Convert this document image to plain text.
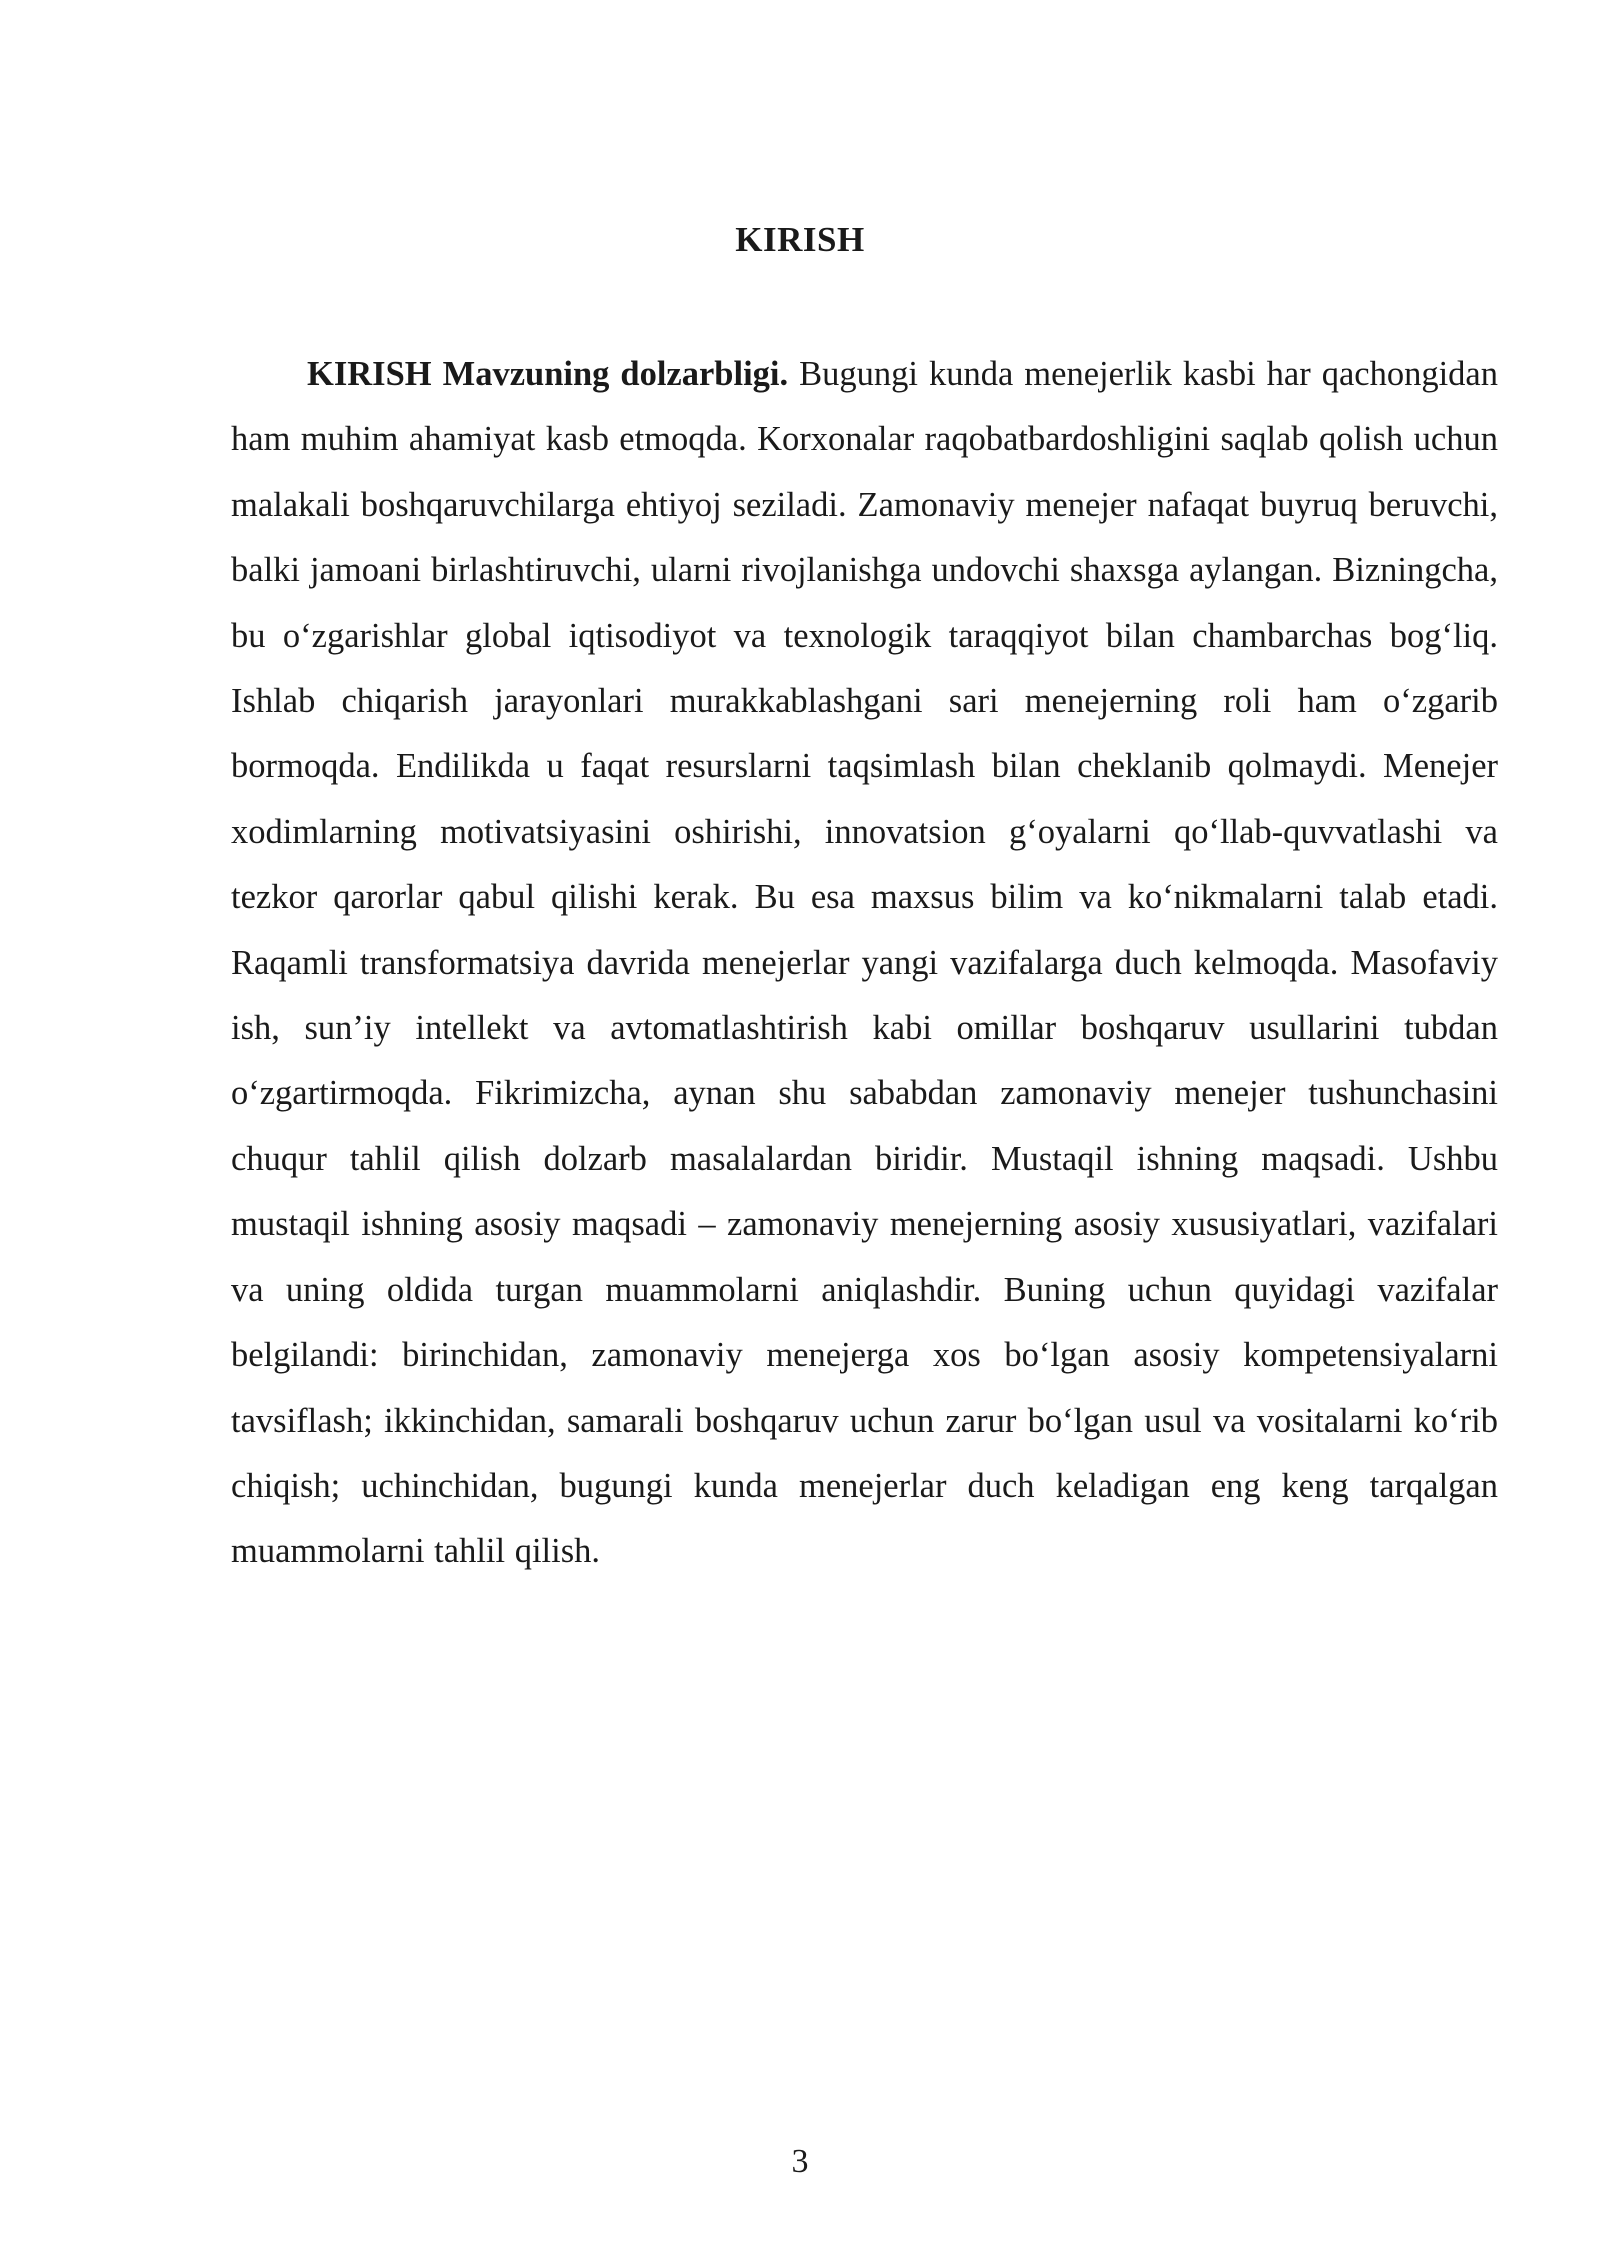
KIRISH

KIRISH Mavzuning dolzarbligi. Bugungi kunda menejerlik kasbi har qachongidan ham muhim ahamiyat kasb etmoqda. Korxonalar raqobatbardoshligini saqlab qolish uchun malakali boshqaruvchilarga ehtiyoj seziladi. Zamonaviy menejer nafaqat buyruq beruvchi, balki jamoani birlashtiruvchi, ularni rivojlanishga undovchi shaxsga aylangan. Bizningcha, bu o‘zgarishlar global iqtisodiyot va texnologik taraqqiyot bilan chambarchas bog‘liq. Ishlab chiqarish jarayonlari murakkablashgani sari menejerning roli ham o‘zgarib bormoqda. Endilikda u faqat resurslarni taqsimlash bilan cheklanib qolmaydi. Menejer xodimlarning motivatsiyasini oshirishi, innovatsion g‘oyalarni qo‘llab-quvvatlashi va tezkor qarorlar qabul qilishi kerak. Bu esa maxsus bilim va ko‘nikmalarni talab etadi. Raqamli transformatsiya davrida menejerlar yangi vazifalarga duch kelmoqda. Masofaviy ish, sun’iy intellekt va avtomatlashtirish kabi omillar boshqaruv usullarini tubdan o‘zgartirmoqda. Fikrimizcha, aynan shu sababdan zamonaviy menejer tushunchasini chuqur tahlil qilish dolzarb masalalardan biridir. Mustaqil ishning maqsadi. Ushbu mustaqil ishning asosiy maqsadi – zamonaviy menejerning asosiy xususiyatlari, vazifalari va uning oldida turgan muammolarni aniqlashdir. Buning uchun quyidagi vazifalar belgilandi: birinchidan, zamonaviy menejerga xos bo‘lgan asosiy kompetensiyalarni tavsiflash; ikkinchidan, samarali boshqaruv uchun zarur bo‘lgan usul va vositalarni ko‘rib chiqish; uchinchidan, bugungi kunda menejerlar duch keladigan eng keng tarqalgan muammolarni tahlil qilish.

3
